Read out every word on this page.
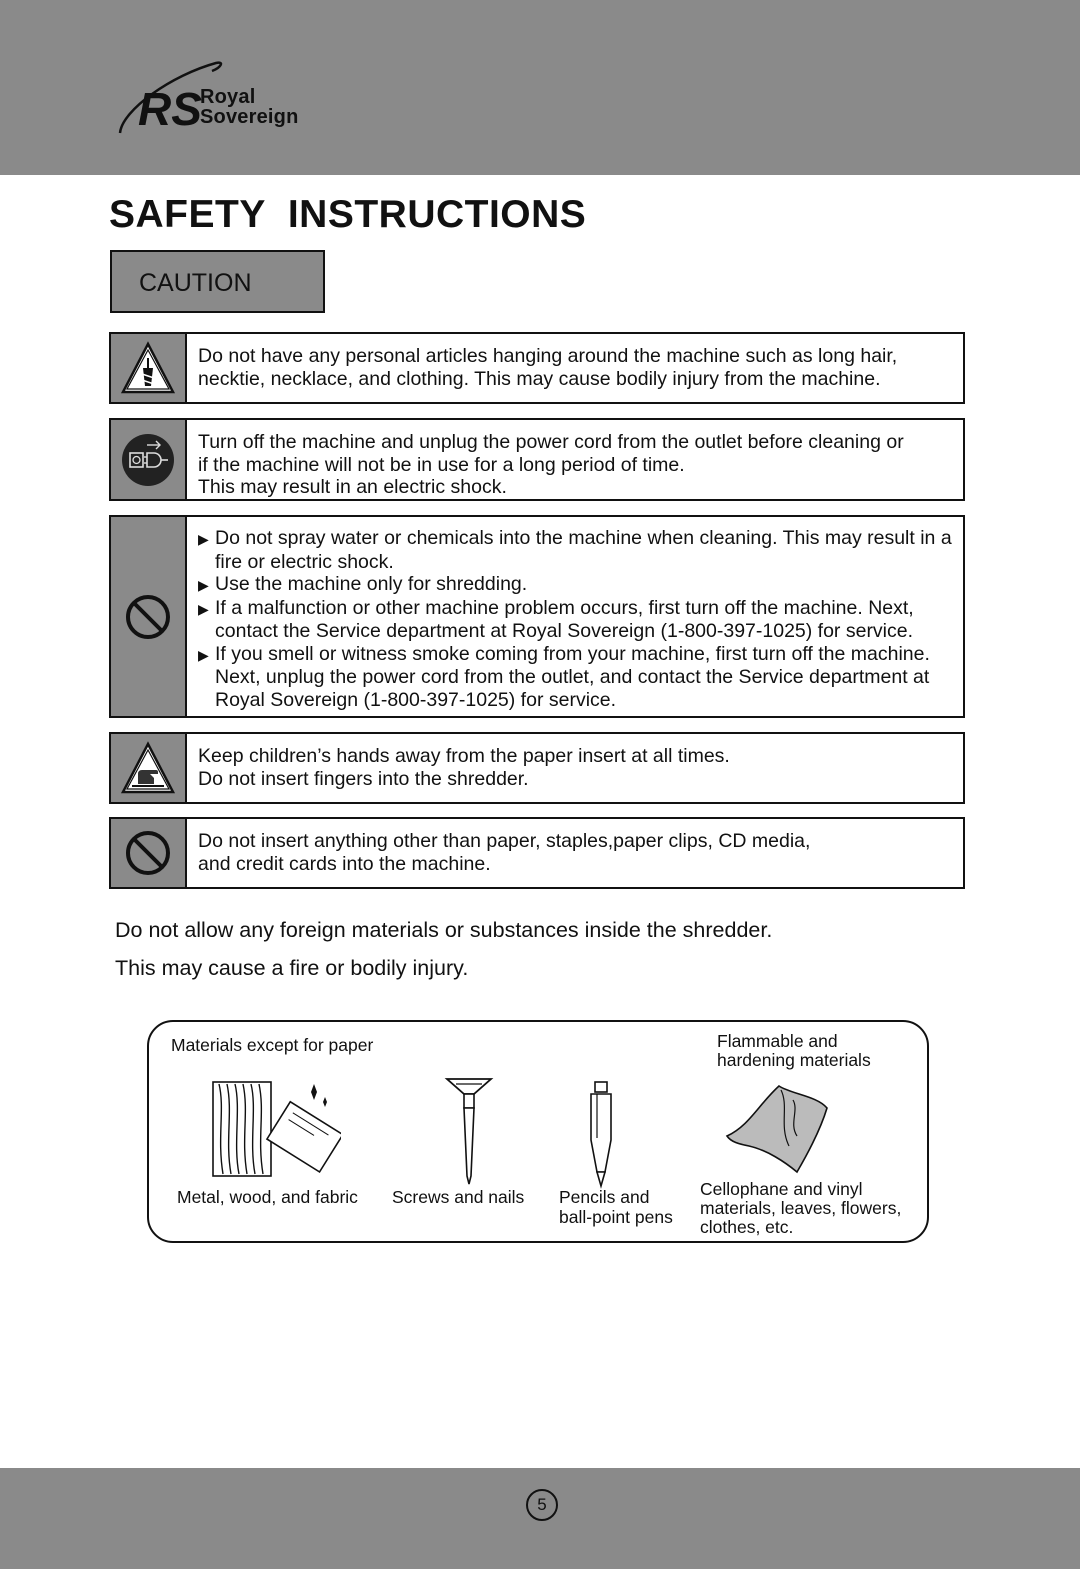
RS
Royal
Sovereign
SAFETY  INSTRUCTIONS
CAUTION

Do not have any personal articles hanging around the machine such as long hair,

necktie, necklace, and clothing. This may cause bodily injury from the machine.

Turn off the machine and unplug the power cord from the outlet before cleaning or

if the machine will not be in use for a long period of time.

This may result in an electric shock.

▶ Do not spray water or chemicals into the machine when cleaning. This may result in a fire or electric shock.
▶ Use the machine only for shredding.
▶ If a malfunction or other machine problem occurs, first turn off the machine. Next, contact the Service department at Royal Sovereign (1-800-397-1025) for service.
▶ If you smell or witness smoke coming from your machine, first turn off the machine. Next, unplug the power cord from the outlet, and contact the Service department at Royal Sovereign (1-800-397-1025) for service.

Keep children’s hands away from the paper insert at all times.

Do not insert fingers into the shredder.

Do not insert anything other than paper, staples,paper clips, CD media,

and credit cards into the machine.

Do not allow any foreign materials or substances inside the shredder.

This may cause a fire or bodily injury.

Materials except for paper	Flammable and
hardening materials
Metal, wood, and fabric Screws and nails Pencils and
ball-point pens
Cellophane and vinyl
materials, leaves, flowers,
clothes, etc.
5
